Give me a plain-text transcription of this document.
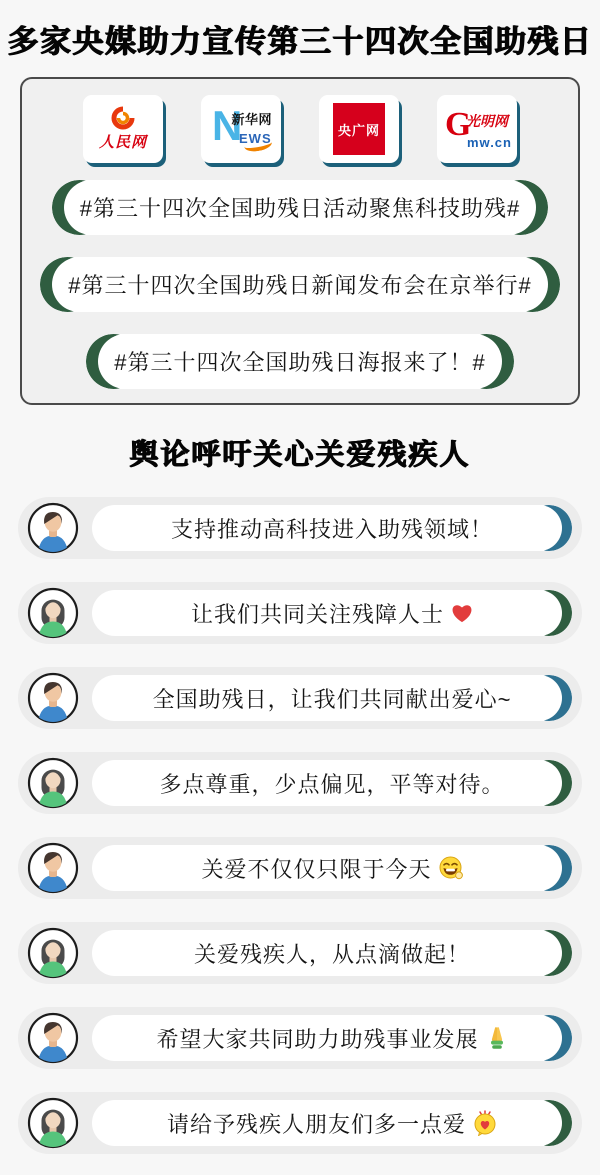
多家央媒助力宣传第三十四次全国助残日
人民网 N
新华网
EWS
央广网 G
光明网
mw.cn
#第三十四次全国助残日活动聚焦科技助残#
#第三十四次全国助残日新闻发布会在京举行#
#第三十四次全国助残日海报来了！#
舆论呼吁关心关爱残疾人
支持推动高科技进入助残领域！
让我们共同关注残障人士
全国助残日，让我们共同献出爱心~
多点尊重，少点偏见，平等对待。
关爱不仅仅只限于今天
关爱残疾人，从点滴做起！
希望大家共同助力助残事业发展
请给予残疾人朋友们多一点爱
